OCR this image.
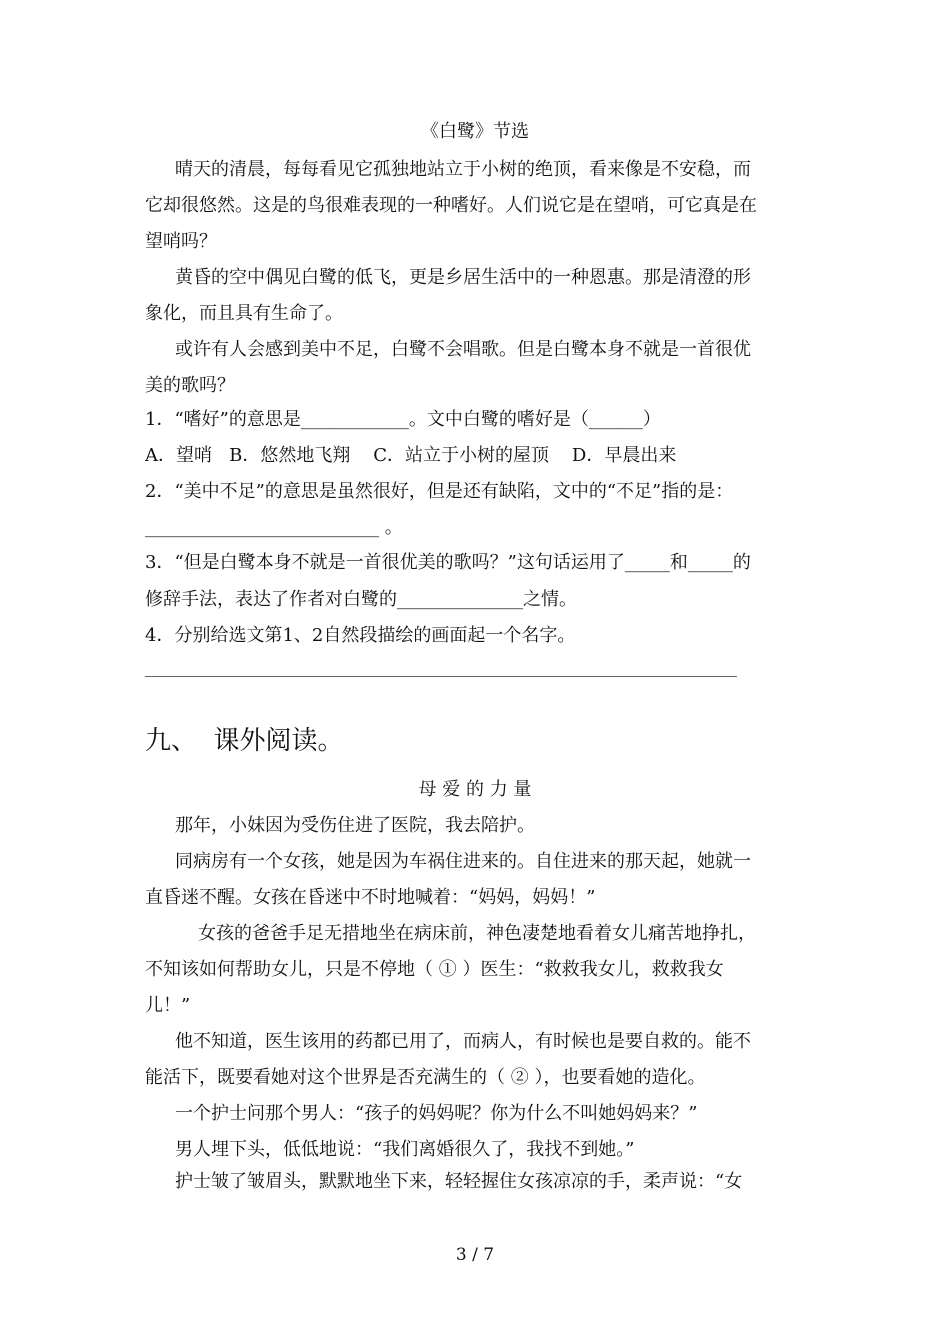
《白鹭》节选
晴天的清晨，每每看见它孤独地站立于小树的绝顶，看来像是不安稳，而
它却很悠然。这是的鸟很难表现的一种嗜好。人们说它是在望哨，可它真是在
望哨吗？
黄昏的空中偶见白鹭的低飞，更是乡居生活中的一种恩惠。那是清澄的形
象化，而且具有生命了。
或许有人会感到美中不足，白鹭不会唱歌。但是白鹭本身不就是一首很优
美的歌吗？
1．“嗜好”的意思是____________。文中白鹭的嗜好是（______）
A．望哨   B．悠然地飞翔    C．站立于小树的屋顶    D．早晨出来
2．“美中不足”的意思是虽然很好，但是还有缺陷，文中的“不足”指的是：
__________________________ 。
3．“但是白鹭本身不就是一首很优美的歌吗？”这句话运用了_____和_____的
修辞手法，表达了作者对白鹭的______________之情。
4．分别给选文第1、2自然段描绘的画面起一个名字。
九、  课外阅读。
母 爱 的 力 量
那年，小妹因为受伤住进了医院，我去陪护。
同病房有一个女孩，她是因为车祸住进来的。自住进来的那天起，她就一
直昏迷不醒。女孩在昏迷中不时地喊着：“妈妈，妈妈！”
女孩的爸爸手足无措地坐在病床前，神色凄楚地看着女儿痛苦地挣扎，
不知该如何帮助女儿，只是不停地（ ① ）医生：“救救我女儿，救救我女
儿！”
他不知道，医生该用的药都已用了，而病人，有时候也是要自救的。能不
能活下，既要看她对这个世界是否充满生的（ ② ），也要看她的造化。
一个护士问那个男人：“孩子的妈妈呢？你为什么不叫她妈妈来？”
男人埋下头，低低地说：“我们离婚很久了，我找不到她。”
护士皱了皱眉头，默默地坐下来，轻轻握住女孩凉凉的手，柔声说：“女
3 / 7
